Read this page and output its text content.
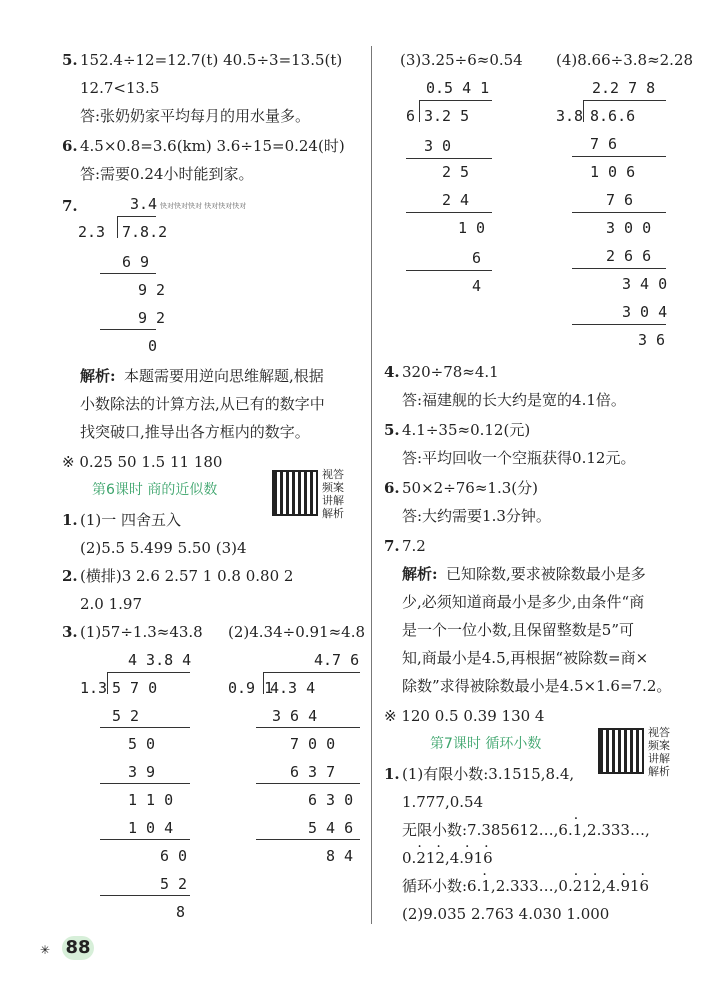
5. 152.4÷12=12.7(t) 40.5÷3=13.5(t)
12.7<13.5
答:张奶奶家平均每月的用水量多。
6. 4.5×0.8=3.6(km) 3.6÷15=0.24(时)
答:需要0.24小时能到家。
7.	3.4 快对快对快对 快对快对快对
2.3 7.8.2
6 9
9 2
9 2
0
解析: 本题需要用逆向思维解题,根据
小数除法的计算方法,从已有的数字中
找突破口,推导出各方框内的数字。
※ 0.25 50 1.5 11 180
第6课时 商的近似数
视答
频案
讲解
解析
1. (1)一 四舍五入
(2)5.5 5.499 5.50 (3)4
2. (横排)3 2.6 2.57 1 0.8 0.80 2
2.0 1.97
3. (1)57÷1.3≈43.8 (2)4.34÷0.91≈4.8
4 3.8 4
1.3 5 7 0
5 2
5 0
3 9
1 1 0
1 0 4
6 0
5 2
8
4.7 6
0.9 1
4.3 4
3 6 4
7 0 0
6 3 7
6 3 0
5 4 6
8 4
✳ 88
(3)3.25÷6≈0.54 (4)8.66÷3.8≈2.28
0.5 4 1
6 3.2 5
3 0
2 5
2 4
1 0
6
4
2.2 7 8
3.8 8.6.6
7 6
1 0 6
7 6
3 0 0
2 6 6
3 4 0
3 0 4
3 6
4. 320÷78≈4.1
答:福建舰的长大约是宽的4.1倍。
5. 4.1÷35≈0.12(元)
答:平均回收一个空瓶获得0.12元。
6. 50×2÷76≈1.3(分)
答:大约需要1.3分钟。
7. 7.2
解析: 已知除数,要求被除数最小是多
少,必须知道商最小是多少,由条件“商
是一个一位小数,且保留整数是5”可
知,商最小是4.5,再根据“被除数=商×
除数”求得被除数最小是4.5×1.6=7.2。
※ 120 0.5 0.39 130 4
第7课时 循环小数
视答
频案
讲解
解析
1. (1)有限小数:3.1515,8.4,
1.777,0.54
无限小数:7.385612…,6.· 1,2.333…,
0.· 21· 2,4.· 91· 6
循环小数:6.· 1,2.333…,0.· 21· 2,4.· 91· 6
(2)9.035 2.763 4.030 1.000
